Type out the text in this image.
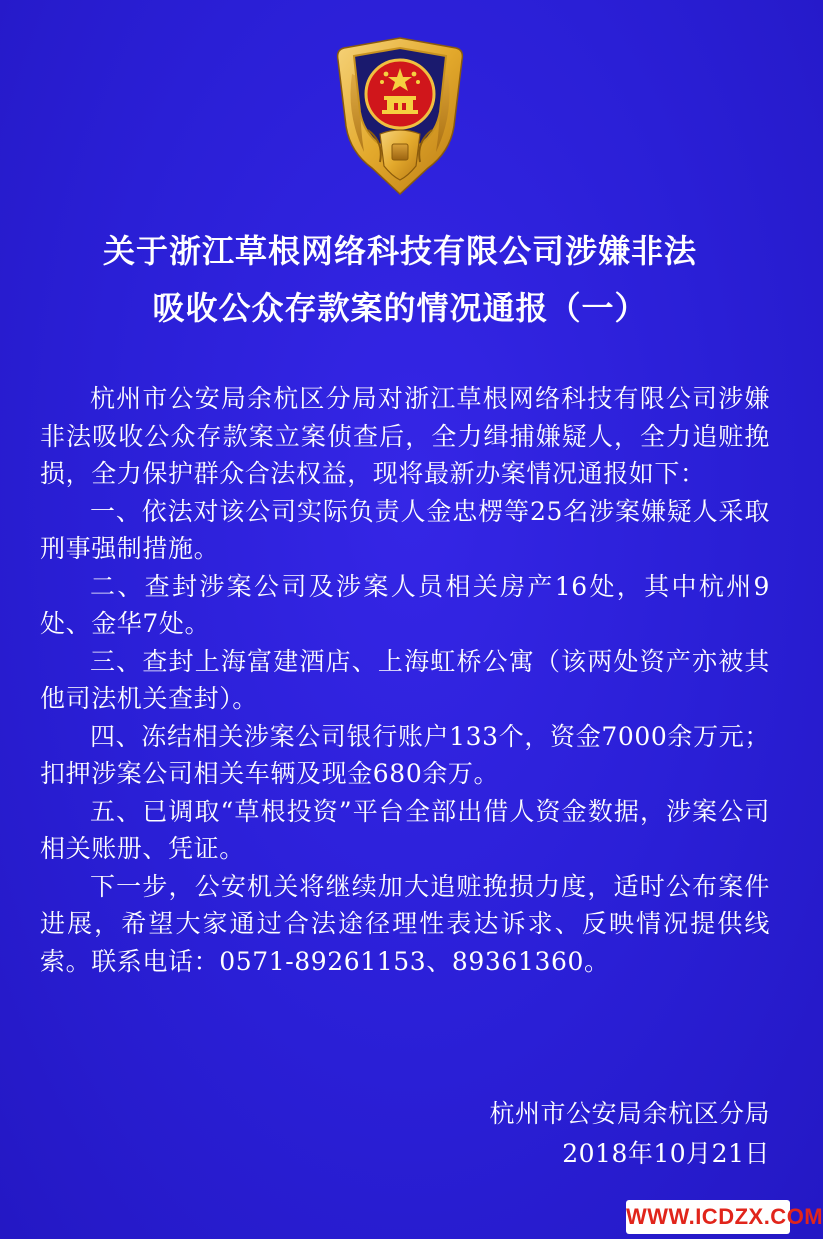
关于浙江草根网络科技有限公司涉嫌非法
吸收公众存款案的情况通报（一）

杭州市公安局余杭区分局对浙江草根网络科技有限公司涉嫌非法吸收公众存款案立案侦查后，全力缉捕嫌疑人，全力追赃挽损，全力保护群众合法权益，现将最新办案情况通报如下：

一、依法对该公司实际负责人金忠楞等25名涉案嫌疑人采取刑事强制措施。

二、查封涉案公司及涉案人员相关房产16处，其中杭州9处、金华7处。

三、查封上海富建酒店、上海虹桥公寓（该两处资产亦被其他司法机关查封）。

四、冻结相关涉案公司银行账户133个，资金7000余万元；扣押涉案公司相关车辆及现金680余万。

五、已调取“草根投资”平台全部出借人资金数据，涉案公司相关账册、凭证。

下一步，公安机关将继续加大追赃挽损力度，适时公布案件进展，希望大家通过合法途径理性表达诉求、反映情况提供线索。联系电话：0571-89261153、89361360。

杭州市公安局余杭区分局
2018年10月21日
WWW.ICDZX.COM
